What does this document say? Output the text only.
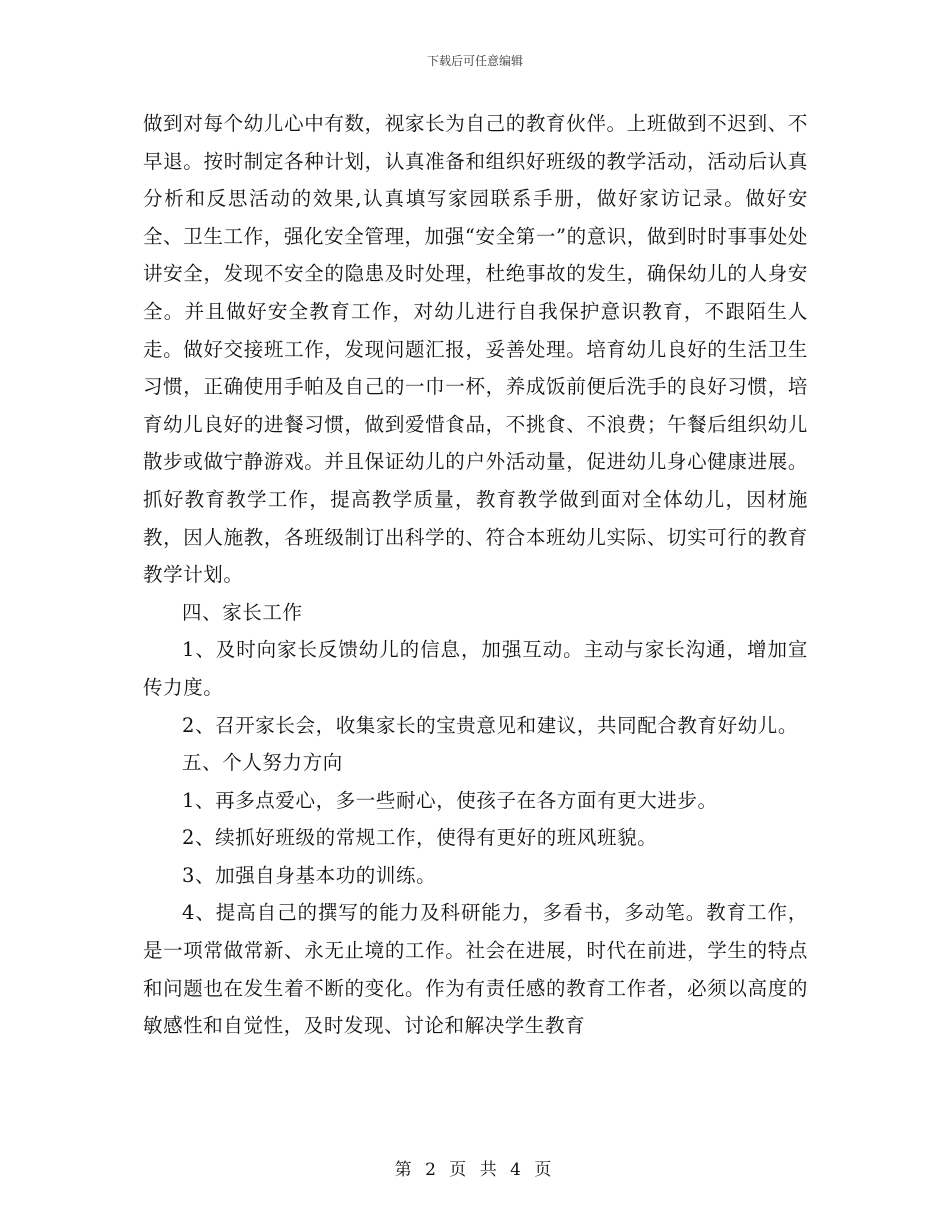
下载后可任意编辑

做到对每个幼儿心中有数，视家长为自己的教育伙伴。上班做到不迟到、不早退。按时制定各种计划，认真准备和组织好班级的教学活动，活动后认真分析和反思活动的效果,认真填写家园联系手册，做好家访记录。做好安全、卫生工作，强化安全管理，加强“安全第一”的意识，做到时时事事处处讲安全，发现不安全的隐患及时处理，杜绝事故的发生，确保幼儿的人身安全。并且做好安全教育工作，对幼儿进行自我保护意识教育，不跟陌生人走。做好交接班工作，发现问题汇报，妥善处理。培育幼儿良好的生活卫生习惯，正确使用手帕及自己的一巾一杯，养成饭前便后洗手的良好习惯，培育幼儿良好的进餐习惯，做到爱惜食品，不挑食、不浪费；午餐后组织幼儿散步或做宁静游戏。并且保证幼儿的户外活动量，促进幼儿身心健康进展。抓好教育教学工作，提高教学质量，教育教学做到面对全体幼儿，因材施教，因人施教，各班级制订出科学的、符合本班幼儿实际、切实可行的教育教学计划。

四、家长工作

1、及时向家长反馈幼儿的信息，加强互动。主动与家长沟通，增加宣传力度。

2、召开家长会，收集家长的宝贵意见和建议，共同配合教育好幼儿。

五、个人努力方向

1、再多点爱心，多一些耐心，使孩子在各方面有更大进步。

2、续抓好班级的常规工作，使得有更好的班风班貌。

3、加强自身基本功的训练。

4、提高自己的撰写的能力及科研能力，多看书，多动笔。教育工作，是一项常做常新、永无止境的工作。社会在进展，时代在前进，学生的特点和问题也在发生着不断的变化。作为有责任感的教育工作者，必须以高度的敏感性和自觉性，及时发现、讨论和解决学生教育

第 2 页 共 4 页
